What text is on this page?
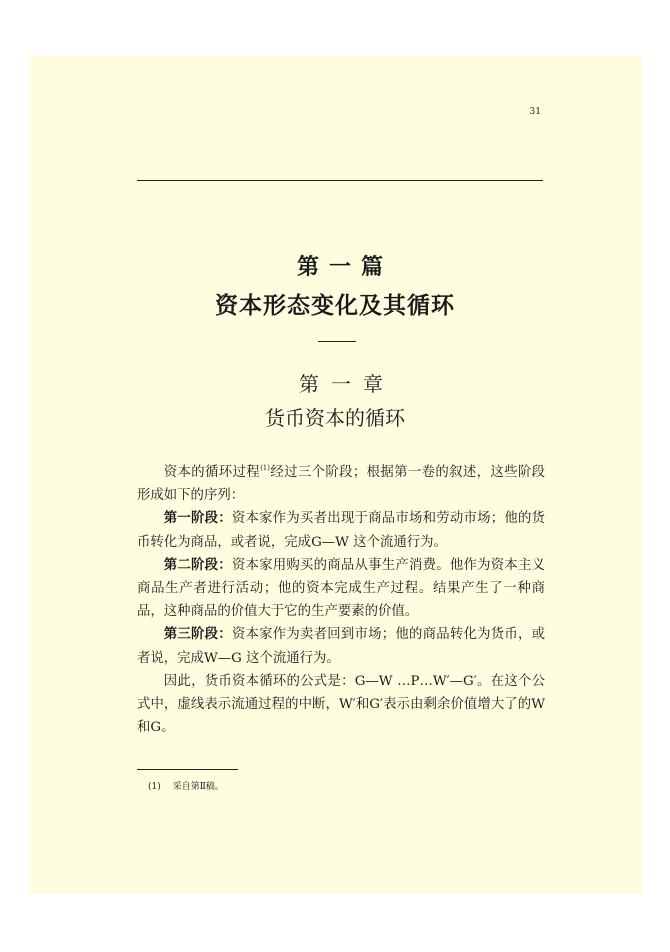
31
第一篇
资本形态变化及其循环
第一章
货币资本的循环

资本的循环过程$^{(1)}$经过三个阶段；根据第一卷的叙述，这些阶段形成如下的序列：

第一阶段：资本家作为买者出现于商品市场和劳动市场；他的货币转化为商品，或者说，完成G—W 这个流通行为。

第二阶段：资本家用购买的商品从事生产消费。他作为资本主义商品生产者进行活动；他的资本完成生产过程。结果产生了一种商品，这种商品的价值大于它的生产要素的价值。

第三阶段：资本家作为卖者回到市场；他的商品转化为货币，或者说，完成W—G 这个流通行为。

因此，货币资本循环的公式是：G—W …P…W′—G′。在这个公式中，虚线表示流通过程的中断，W′和G′表示由剩余价值增大了的W 和G。

(1) 采自第Ⅱ稿。
